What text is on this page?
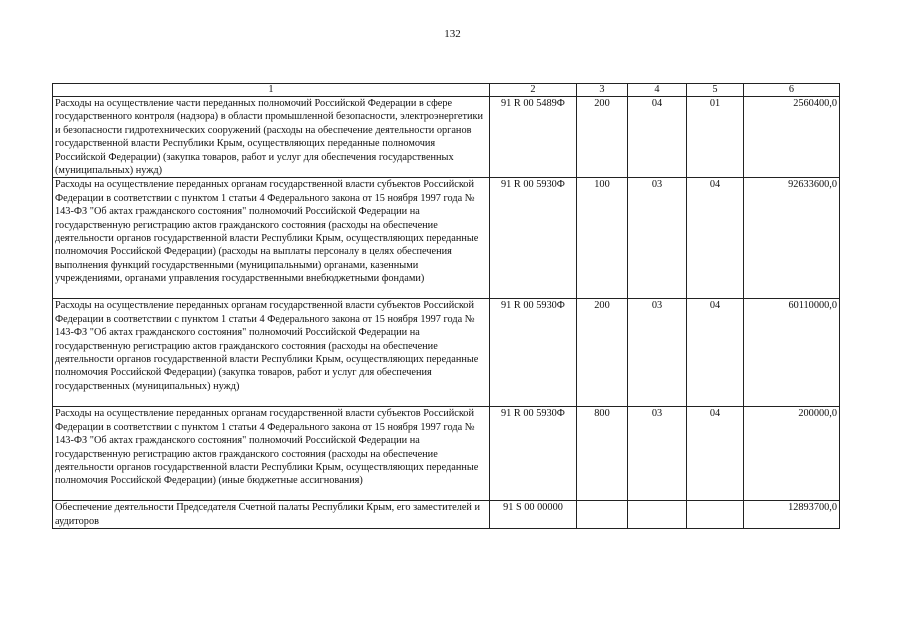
132
1	2	3	4	5	6
Расходы на осуществление части переданных полномочий Российской Федерации в сфере государственного контроля (надзора) в области промышленной безопасности, электроэнергетики и безопасности гидротехнических сооружений (расходы на обеспечение деятельности органов государственной власти Республики Крым, осуществляющих переданные полномочия Российской Федерации) (закупка товаров, работ и услуг для обеспечения государственных (муниципальных) нужд)	91 R 00 5489Ф	200	04	01	2560400,0
Расходы на осуществление переданных органам государственной власти субъектов Российской Федерации в соответствии с пунктом 1 статьи 4 Федерального закона от 15 ноября 1997 года № 143-ФЗ "Об актах гражданского состояния" полномочий Российской Федерации на государственную регистрацию актов гражданского состояния (расходы на обеспечение деятельности органов государственной власти Республики Крым, осуществляющих переданные полномочия Российской Федерации) (расходы на выплаты персоналу в целях обеспечения выполнения функций государственными (муниципальными) органами, казенными учреждениями, органами управления государственными внебюджетными фондами)	91 R 00 5930Ф	100	03	04	92633600,0
Расходы на осуществление переданных органам государственной власти субъектов Российской Федерации в соответствии с пунктом 1 статьи 4 Федерального закона от 15 ноября 1997 года № 143-ФЗ "Об актах гражданского состояния" полномочий Российской Федерации на государственную регистрацию актов гражданского состояния (расходы на обеспечение деятельности органов государственной власти Республики Крым, осуществляющих переданные полномочия Российской Федерации) (закупка товаров, работ и услуг для обеспечения государственных (муниципальных) нужд)	91 R 00 5930Ф	200	03	04	60110000,0
Расходы на осуществление переданных органам государственной власти субъектов Российской Федерации в соответствии с пунктом 1 статьи 4 Федерального закона от 15 ноября 1997 года № 143-ФЗ "Об актах гражданского состояния" полномочий Российской Федерации на государственную регистрацию актов гражданского состояния (расходы на обеспечение деятельности органов государственной власти Республики Крым, осуществляющих переданные полномочия Российской Федерации) (иные бюджетные ассигнования)	91 R 00 5930Ф	800	03	04	200000,0
Обеспечение деятельности Председателя Счетной палаты Республики Крым, его заместителей и аудиторов	91 S 00 00000				12893700,0
